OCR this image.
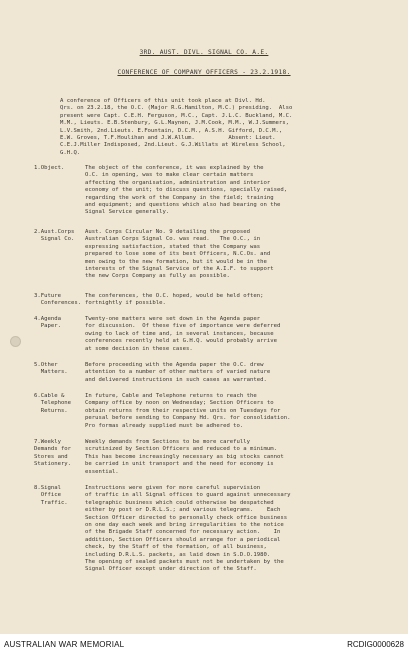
3RD. AUST. DIVL. SIGNAL CO. A.E.
CONFERENCE OF COMPANY OFFICERS - 23.2.1918.
A conference of Officers of this unit took place at Divl. Hd.
Qrs. on 23.2.18, the O.C. (Major R.G.Hamilton, M.C.) presiding.  Also
present were Capt. C.E.H. Ferguson, M.C., Capt. J.L.C. Buckland, M.C.
M.M., Lieuts. E.B.Stenbury, G.L.Maynen, J.M.Cook, M.M., W.J.Summers,
L.V.Smith, 2nd.Lieuts. E.Fountain, D.C.M., A.S.H. Gifford, D.C.M.,
E.W. Groves, T.F.Houlihan and J.W.Allum.          Absent: Lieut.
C.E.J.Miller Indisposed, 2nd.Lieut. G.J.Willats at Wireless School,
G.H.Q.
1.Object.	The object of the conference, it was explained by the
O.C. in opening, was to make clear certain matters
affecting the organisation, administration and interior
economy of the unit; to discuss questions, specially raised,
regarding the work of the Company in the field; training
and equipment; and questions which also had bearing on the
Signal Service generally.
2.Aust.Corps
Signal Co.
Aust. Corps Circular No. 9 detailing the proposed
Australian Corps Signal Co. was read.   The O.C., in
expressing satisfaction, stated that the Company was
prepared to lose some of its best Officers, N.C.Os. and
men owing to the new formation, but it would be in the
interests of the Signal Service of the A.I.F. to support
the new Corps Company as fully as possible.
3.Future
Conferences.
The conferences, the O.C. hoped, would be held often;
fortnightly if possible.
4.Agenda
Paper.
Twenty-one matters were set down in the Agenda paper
for discussion.  Of these five of importance were deferred
owing to lack of time and, in several instances, because
conferences recently held at G.H.Q. would probably arrive
at some decision in these cases.
5.Other
Matters.
Before proceeding with the Agenda paper the O.C. drew
attention to a number of other matters of varied nature
and delivered instructions in such cases as warranted.
6.Cable &
Telephone
Returns.
In future, Cable and Telephone returns to reach the
Company office by noon on Wednesday; Section Officers to
obtain returns from their respective units on Tuesdays for
perusal before sending to Company Hd. Qrs. for consolidation.
Pro formas already supplied must be adhered to.
7.Weekly
Demands for
Stores and
Stationery.
Weekly demands from Sections to be more carefully
scrutinized by Section Officers and reduced to a minimum.
This has become increasingly necessary as big stocks cannot
be carried in unit transport and the need for economy is
essential.
8.Signal
Office
Traffic.
Instructions were given for more careful supervision
of traffic in all Signal offices to guard against unnecessary
telegraphic business which could otherwise be despatched
either by post or D.R.L.S.; and various telegrams.    Each
Section Officer directed to personally check office business
on one day each week and bring irregularities to the notice
of the Brigade Staff concerned for necessary action.    In
addition, Section Officers should arrange for a periodical
check, by the Staff of the formation, of all business,
including D.R.L.S. packets, as laid down in S.D.O.1980.
The opening of sealed packets must not be undertaken by the
Signal Officer except under direction of the Staff.
AUSTRALIAN WAR MEMORIAL	RCDIG0000628
